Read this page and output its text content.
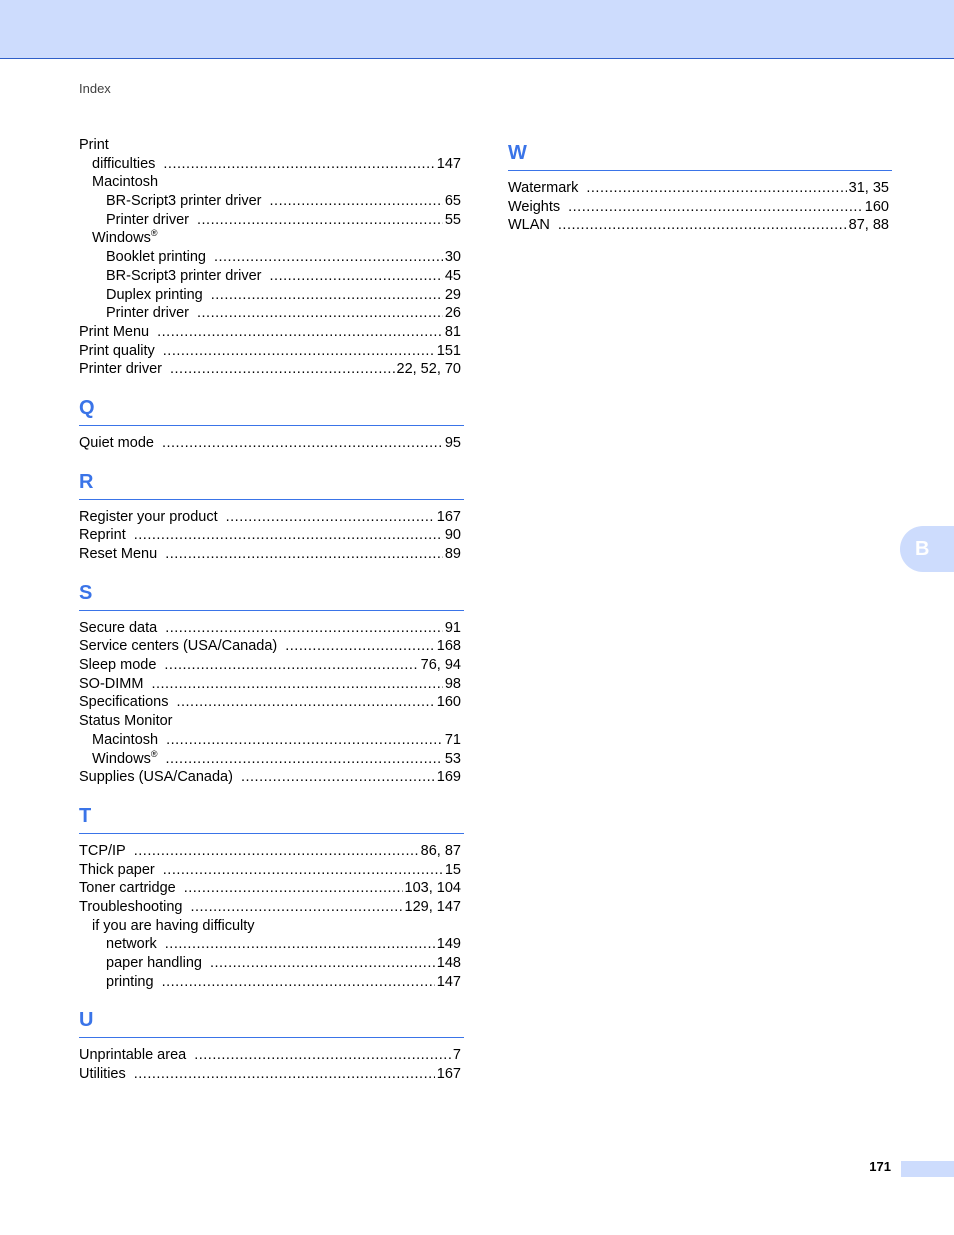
Index
Print
difficulties .....	147
Macintosh
BR-Script3 printer driver .....	65
Printer driver .....	55
Windows®
Booklet printing .....	30
BR-Script3 printer driver .....	45
Duplex printing .....	29
Printer driver .....	26
Print Menu .....	81
Print quality .....	151
Printer driver .....	22, 52, 70
Q
Quiet mode .....	95
R
Register your product .....	167
Reprint .....	90
Reset Menu .....	89
S
Secure data .....	91
Service centers (USA/Canada) .....	168
Sleep mode .....	76, 94
SO-DIMM .....	98
Specifications .....	160
Status Monitor
Macintosh .....	71
Windows® .....	53
Supplies (USA/Canada) .....	169
T
TCP/IP .....	86, 87
Thick paper .....	15
Toner cartridge .....	103, 104
Troubleshooting .....	129, 147
if you are having difficulty
network .....	149
paper handling .....	148
printing .....	147
U
Unprintable area .....	7
Utilities .....	167
W
Watermark .....	31, 35
Weights .....	160
WLAN .....	87, 88
B
171
